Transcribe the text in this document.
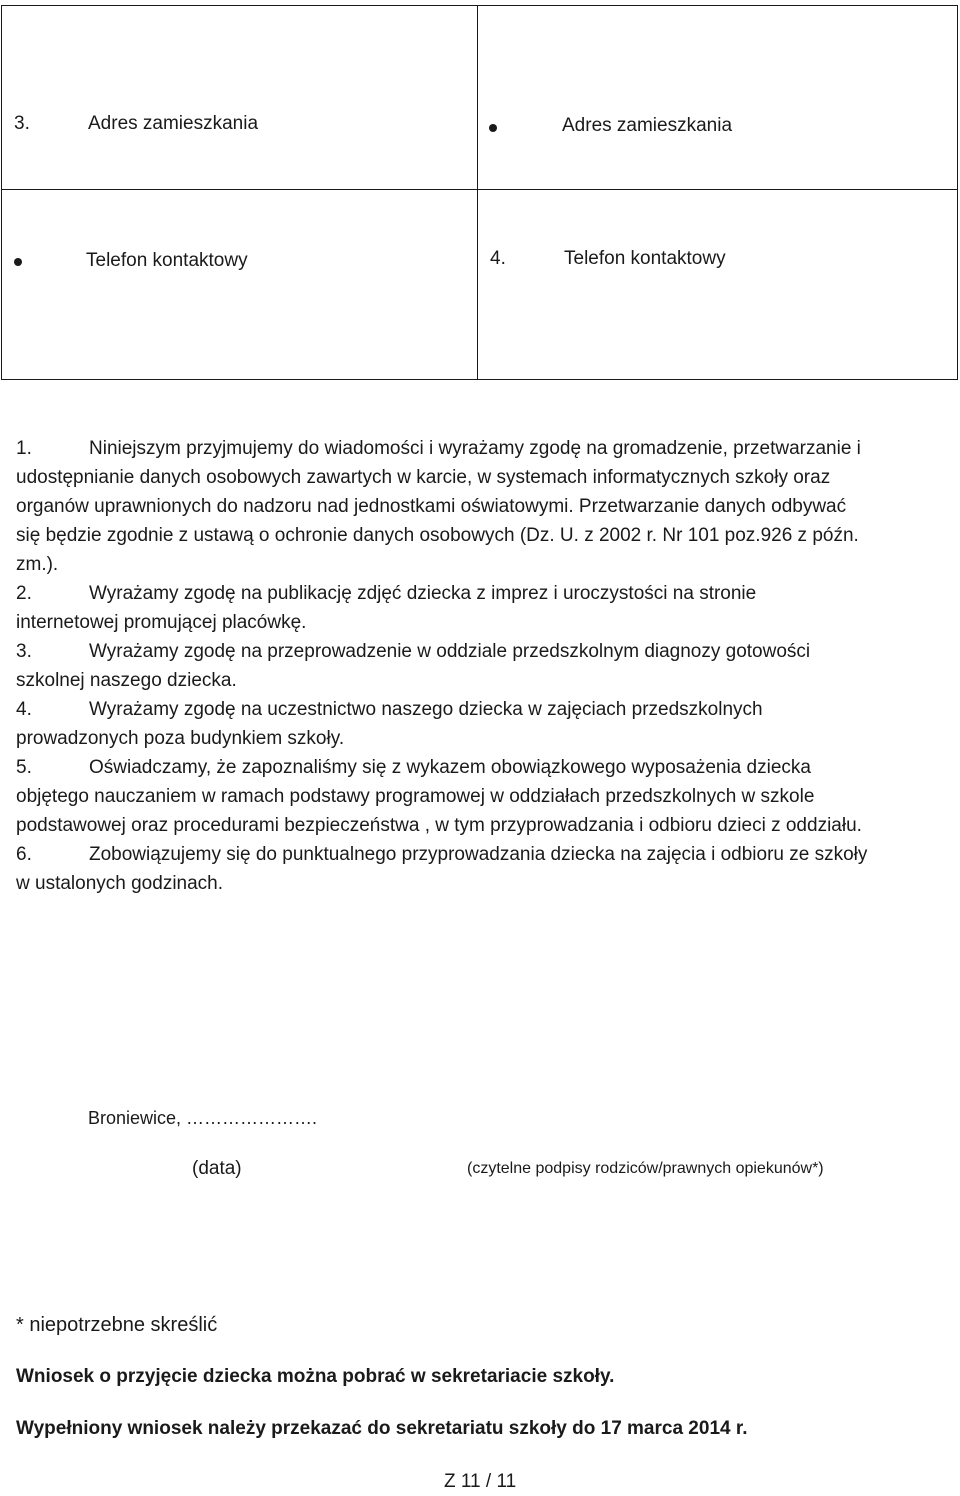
3.	Adres zamieszkania	Adres zamieszkania
Telefon kontaktowy	4.	Telefon kontaktowy

1.	Niniejszym przyjmujemy do wiadomości i wyrażamy zgodę na gromadzenie, przetwarzanie i
udostępnianie danych osobowych zawartych w karcie, w systemach informatycznych szkoły oraz
organów uprawnionych do nadzoru nad jednostkami oświatowymi. Przetwarzanie danych odbywać
się będzie zgodnie z ustawą o ochronie danych osobowych (Dz. U. z 2002 r. Nr 101 poz.926 z późn.
zm.).

2.	Wyrażamy zgodę na publikację zdjęć dziecka z imprez i uroczystości na stronie
internetowej promującej placówkę.

3.	Wyrażamy zgodę na przeprowadzenie w oddziale przedszkolnym diagnozy gotowości
szkolnej naszego dziecka.

4.	Wyrażamy zgodę na uczestnictwo naszego dziecka w zajęciach przedszkolnych
prowadzonych poza budynkiem szkoły.

5.	Oświadczamy, że zapoznaliśmy się z wykazem obowiązkowego wyposażenia dziecka
objętego nauczaniem w ramach podstawy programowej w oddziałach przedszkolnych w szkole
podstawowej oraz procedurami bezpieczeństwa , w tym przyprowadzania i odbioru dzieci z oddziału.

6.	Zobowiązujemy się do punktualnego przyprowadzania dziecka na zajęcia i odbioru ze szkoły
w ustalonych godzinach.

Broniewice, ………………….
(data)	(czytelne podpisy rodziców/prawnych opiekunów*)
* niepotrzebne skreślić
Wniosek o przyjęcie dziecka można pobrać w sekretariacie szkoły.
Wypełniony wniosek należy przekazać do sekretariatu szkoły do 17 marca 2014 r.
Z 11 / 11
